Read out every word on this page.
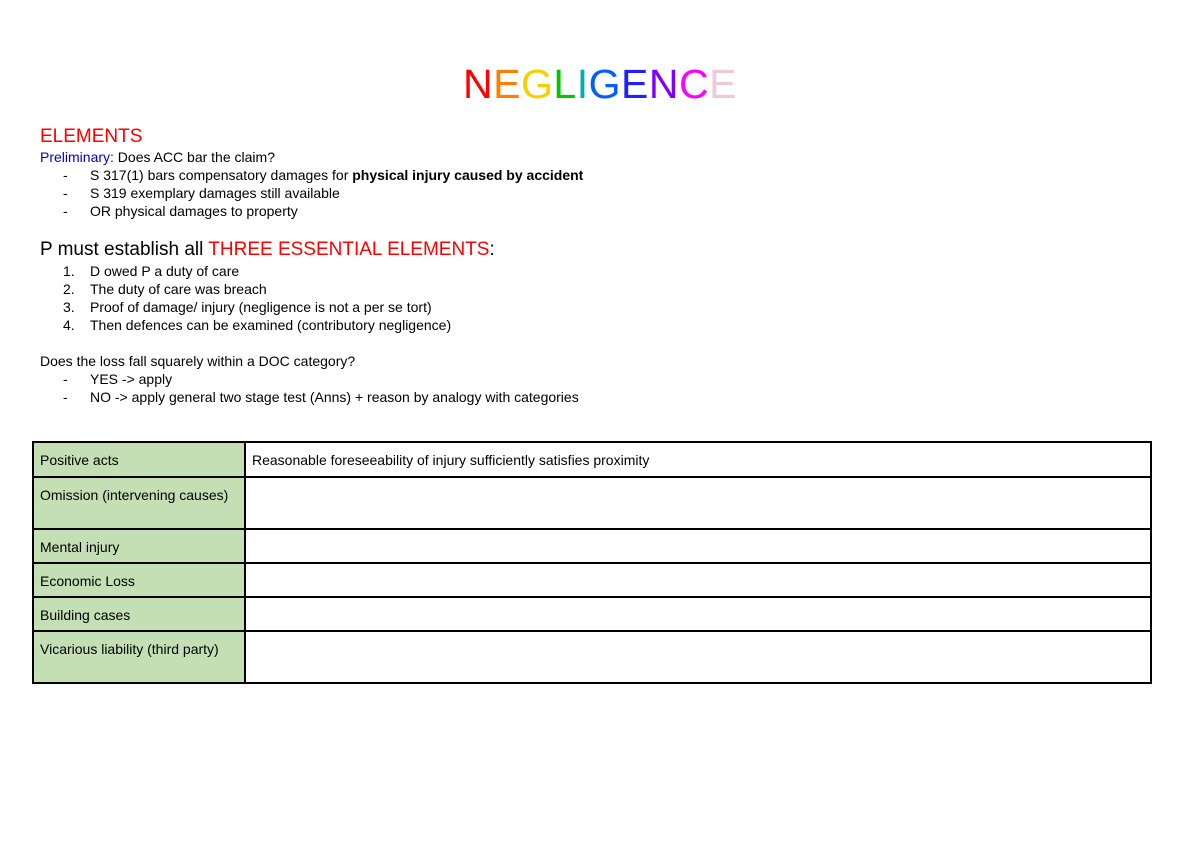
NEGLIGENCE
ELEMENTS
Preliminary: Does ACC bar the claim?
- S 317(1) bars compensatory damages for physical injury caused by accident
- S 319 exemplary damages still available
- OR physical damages to property
P must establish all THREE ESSENTIAL ELEMENTS:
1. D owed P a duty of care
2. The duty of care was breach
3. Proof of damage/ injury (negligence is not a per se tort)
4. Then defences can be examined (contributory negligence)
Does the loss fall squarely within a DOC category?
- YES -> apply
- NO -> apply general two stage test (Anns) + reason by analogy with categories
Positive acts	Reasonable foreseeability of injury sufficiently satisfies proximity
Omission (intervening causes)	
Mental injury	
Economic Loss	
Building cases	
Vicarious liability (third party)	
